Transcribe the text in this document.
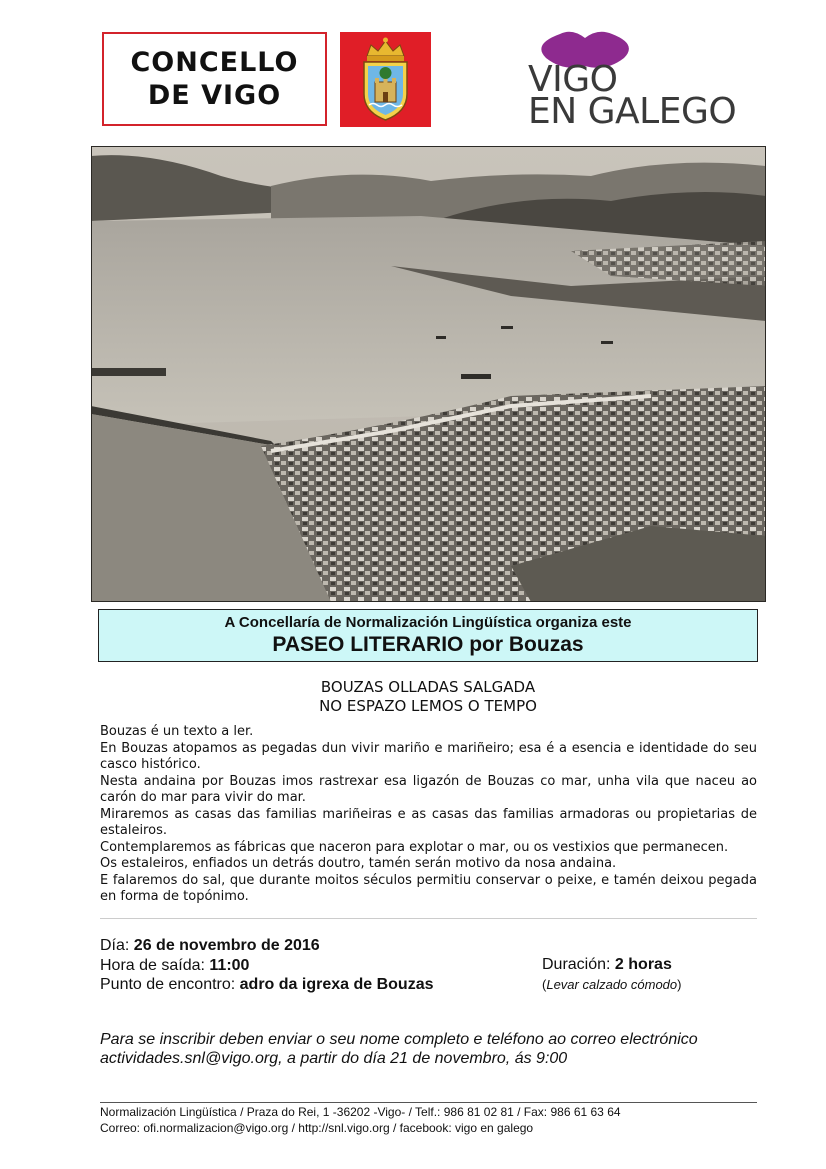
CONCELLO
DE VIGO	VIGO
EN GALEGO
A Concellaría de Normalización Lingüística organiza este
PASEO LITERARIO por Bouzas
BOUZAS OLLADAS SALGADA
NO ESPAZO LEMOS O TEMPO

Bouzas é un texto a ler.

En Bouzas atopamos as pegadas dun vivir mariño e mariñeiro; esa é a esencia e identidade do seu casco histórico.

Nesta andaina por Bouzas imos rastrexar esa ligazón de Bouzas co mar, unha vila que naceu ao carón do mar para vivir do mar.

Miraremos as casas das familias mariñeiras e as casas das familias armadoras ou propietarias de estaleiros.

Contemplaremos as fábricas que naceron para explotar o mar, ou os vestixios que permanecen.

Os estaleiros, enfiados un detrás doutro, tamén serán motivo da nosa andaina.

E falaremos do sal, que durante moitos séculos permitiu conservar o peixe, e tamén deixou pegada en forma de topónimo.

Día: 26 de novembro de 2016
Hora de saída: 11:00
Punto de encontro: adro da igrexa de Bouzas
Duración: 2 horas
(Levar calzado cómodo)
Para se inscribir deben enviar o seu nome completo e teléfono ao correo electrónico
actividades.snl@vigo.org, a partir do día 21 de novembro, ás 9:00
Normalización Lingüística / Praza do Rei, 1 -36202 -Vigo- / Telf.: 986 81 02 81 / Fax: 986 61 63 64
Correo: ofi.normalizacion@vigo.org / http://snl.vigo.org / facebook: vigo en galego
